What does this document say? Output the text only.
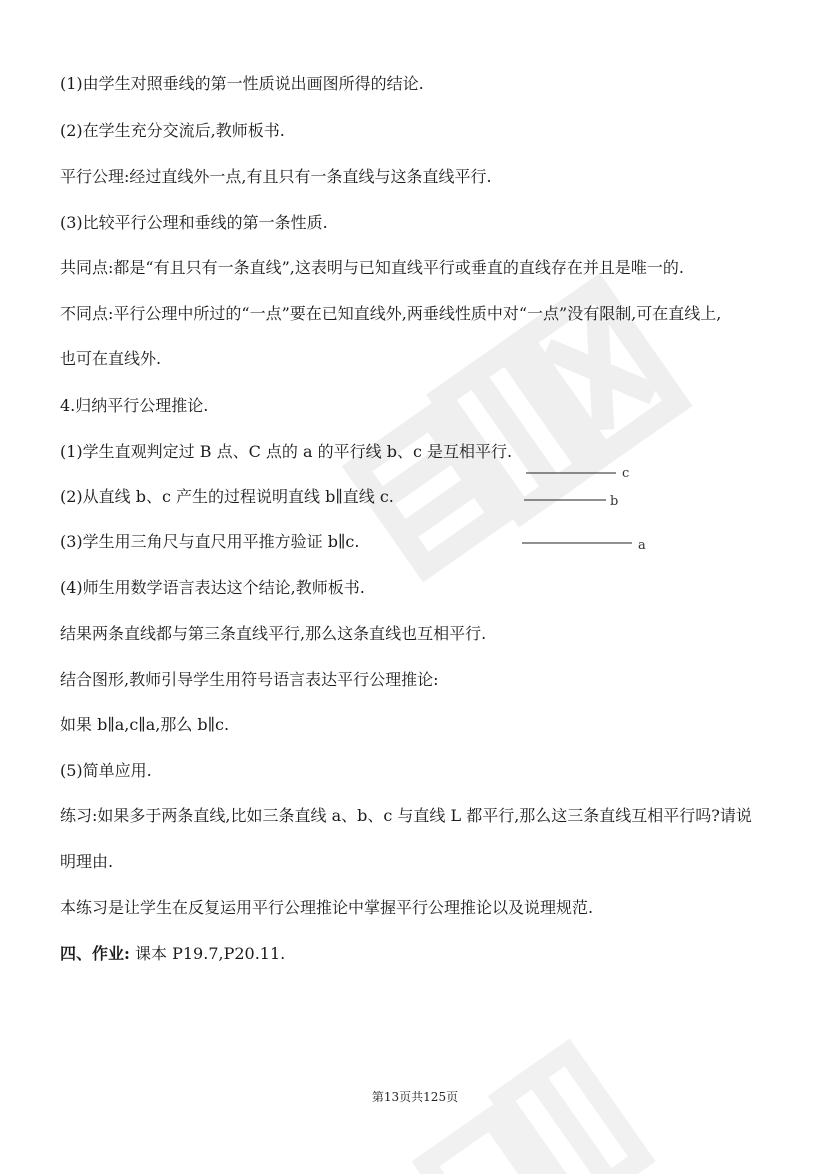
(1)由学生对照垂线的第一性质说出画图所得的结论.

(2)在学生充分交流后,教师板书.

平行公理:经过直线外一点,有且只有一条直线与这条直线平行.

(3)比较平行公理和垂线的第一条性质.

共同点:都是“有且只有一条直线”,这表明与已知直线平行或垂直的直线存在并且是唯一的.

不同点:平行公理中所过的“一点”要在已知直线外,两垂线性质中对“一点”没有限制,可在直线上,

也可在直线外.

4.归纳平行公理推论.

(1)学生直观判定过 B 点、C 点的 a 的平行线 b、c 是互相平行.

(2)从直线 b、c 产生的过程说明直线 b∥直线 c.

(3)学生用三角尺与直尺用平推方验证 b∥c.

(4)师生用数学语言表达这个结论,教师板书.

结果两条直线都与第三条直线平行,那么这条直线也互相平行.

结合图形,教师引导学生用符号语言表达平行公理推论:

如果 b∥a,c∥a,那么 b∥c.

(5)简单应用.

练习:如果多于两条直线,比如三条直线 a、b、c 与直线 L 都平行,那么这三条直线互相平行吗?请说

明理由.

本练习是让学生在反复运用平行公理推论中掌握平行公理推论以及说理规范.

四、作业: 课本 P19.7,P20.11.

c
b
a
第13页共125页
